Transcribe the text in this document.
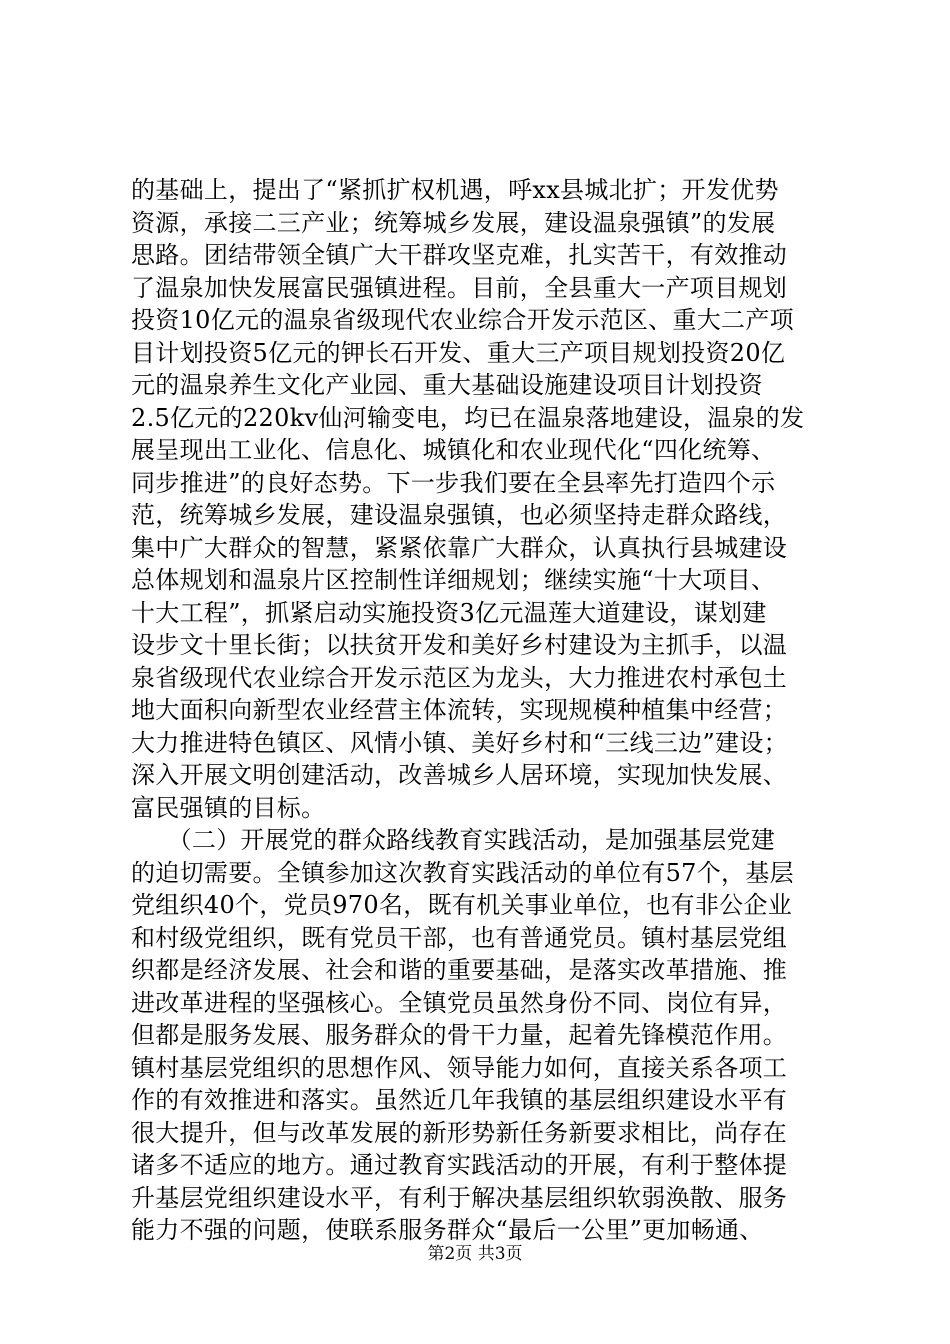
的基础上，提出了“紧抓扩权机遇，呼xx县城北扩；开发优势
资源，承接二三产业；统筹城乡发展，建设温泉强镇”的发展
思路。团结带领全镇广大干群攻坚克难，扎实苦干，有效推动
了温泉加快发展富民强镇进程。目前，全县重大一产项目规划
投资10亿元的温泉省级现代农业综合开发示范区、重大二产项
目计划投资5亿元的钾长石开发、重大三产项目规划投资20亿
元的温泉养生文化产业园、重大基础设施建设项目计划投资
2.5亿元的220kv仙河输变电，均已在温泉落地建设，温泉的发
展呈现出工业化、信息化、城镇化和农业现代化“四化统筹、
同步推进”的良好态势。下一步我们要在全县率先打造四个示
范，统筹城乡发展，建设温泉强镇，也必须坚持走群众路线，
集中广大群众的智慧，紧紧依靠广大群众，认真执行县城建设
总体规划和温泉片区控制性详细规划；继续实施“十大项目、
十大工程”，抓紧启动实施投资3亿元温莲大道建设，谋划建
设步文十里长街；以扶贫开发和美好乡村建设为主抓手，以温
泉省级现代农业综合开发示范区为龙头，大力推进农村承包土
地大面积向新型农业经营主体流转，实现规模种植集中经营；
大力推进特色镇区、风情小镇、美好乡村和“三线三边”建设；
深入开展文明创建活动，改善城乡人居环境，实现加快发展、
富民强镇的目标。
　　（二）开展党的群众路线教育实践活动，是加强基层党建
的迫切需要。全镇参加这次教育实践活动的单位有57个，基层
党组织40个，党员970名，既有机关事业单位，也有非公企业
和村级党组织，既有党员干部，也有普通党员。镇村基层党组
织都是经济发展、社会和谐的重要基础，是落实改革措施、推
进改革进程的坚强核心。全镇党员虽然身份不同、岗位有异，
但都是服务发展、服务群众的骨干力量，起着先锋模范作用。
镇村基层党组织的思想作风、领导能力如何，直接关系各项工
作的有效推进和落实。虽然近几年我镇的基层组织建设水平有
很大提升，但与改革发展的新形势新任务新要求相比，尚存在
诸多不适应的地方。通过教育实践活动的开展，有利于整体提
升基层党组织建设水平，有利于解决基层组织软弱涣散、服务
能力不强的问题，使联系服务群众“最后一公里”更加畅通、
第2页 共3页
